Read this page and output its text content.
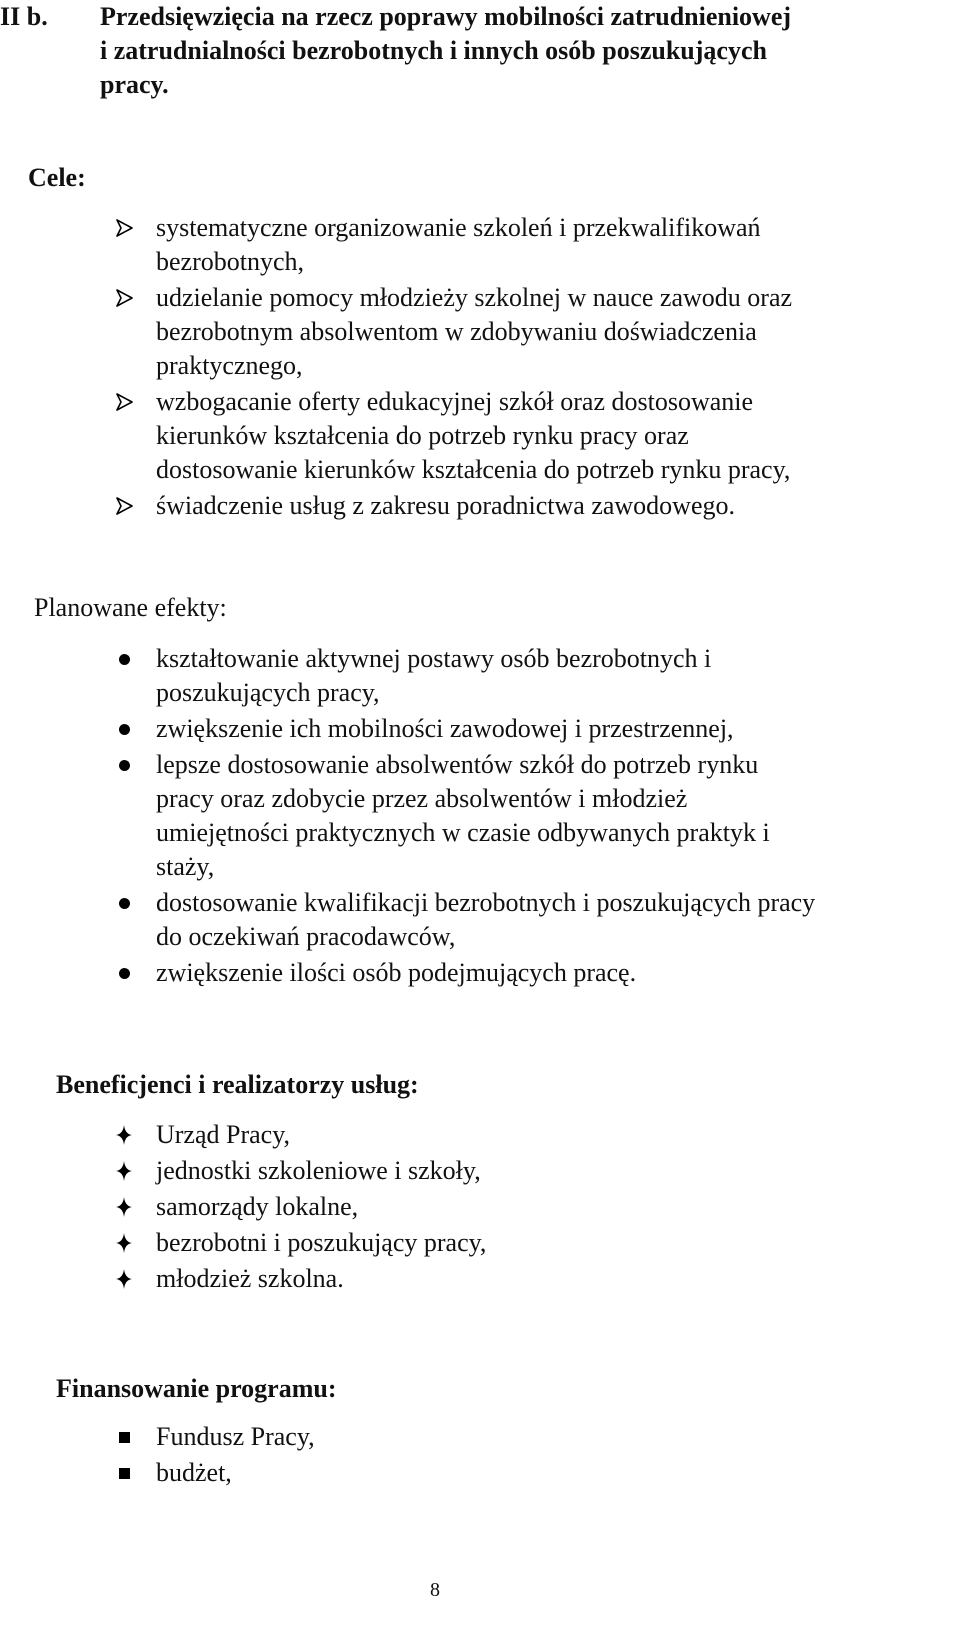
II b. Przedsięwzięcia na rzecz poprawy mobilności zatrudnieniowej
i zatrudnialności bezrobotnych i innych osób poszukujących
pracy.
Cele:
systematyczne organizowanie szkoleń i przekwalifikowań
bezrobotnych,
udzielanie pomocy młodzieży szkolnej w nauce zawodu oraz
bezrobotnym absolwentom w zdobywaniu doświadczenia
praktycznego,
wzbogacanie oferty edukacyjnej szkół oraz dostosowanie
kierunków kształcenia do potrzeb rynku pracy oraz
dostosowanie kierunków kształcenia do potrzeb rynku pracy,
świadczenie usług z zakresu poradnictwa zawodowego.
Planowane efekty:
kształtowanie aktywnej postawy osób bezrobotnych i
poszukujących pracy,
zwiększenie ich mobilności zawodowej i przestrzennej,
lepsze dostosowanie absolwentów szkół do potrzeb rynku
pracy oraz zdobycie przez absolwentów i młodzież
umiejętności praktycznych w czasie odbywanych praktyk i
staży,
dostosowanie kwalifikacji bezrobotnych i poszukujących pracy
do oczekiwań pracodawców,
zwiększenie ilości osób podejmujących pracę.
Beneficjenci i realizatorzy usług:
Urząd Pracy,
jednostki szkoleniowe i szkoły,
samorządy lokalne,
bezrobotni i poszukujący pracy,
młodzież szkolna.
Finansowanie programu:
Fundusz Pracy,
budżet,
8
